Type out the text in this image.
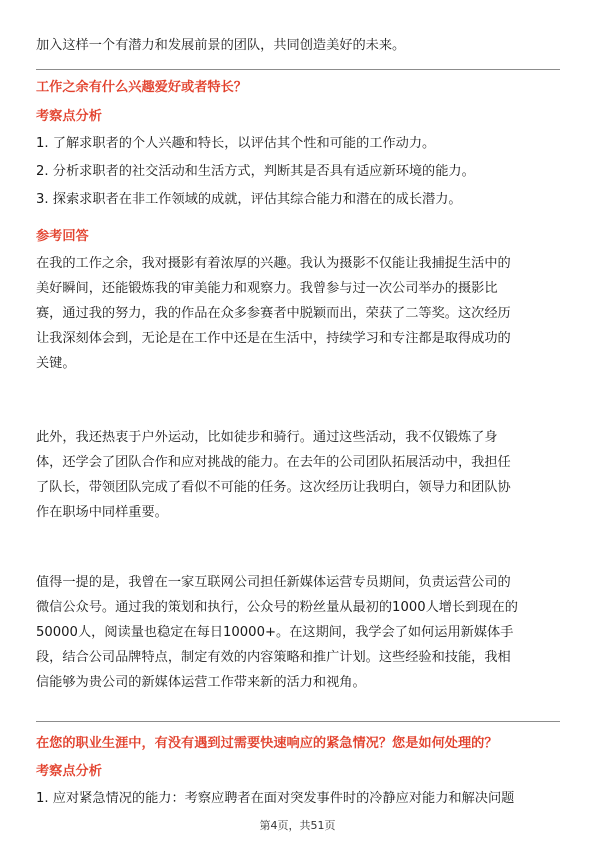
加入这样一个有潜力和发展前景的团队，共同创造美好的未来。

工作之余有什么兴趣爱好或者特长？

考察点分析

1. 了解求职者的个人兴趣和特长，以评估其个性和可能的工作动力。

2. 分析求职者的社交活动和生活方式，判断其是否具有适应新环境的能力。

3. 探索求职者在非工作领域的成就，评估其综合能力和潜在的成长潜力。

参考回答

在我的工作之余，我对摄影有着浓厚的兴趣。我认为摄影不仅能让我捕捉生活中的
美好瞬间，还能锻炼我的审美能力和观察力。我曾参与过一次公司举办的摄影比
赛，通过我的努力，我的作品在众多参赛者中脱颖而出，荣获了二等奖。这次经历
让我深刻体会到，无论是在工作中还是在生活中，持续学习和专注都是取得成功的
关键。

此外，我还热衷于户外运动，比如徒步和骑行。通过这些活动，我不仅锻炼了身
体，还学会了团队合作和应对挑战的能力。在去年的公司团队拓展活动中，我担任
了队长，带领团队完成了看似不可能的任务。这次经历让我明白，领导力和团队协
作在职场中同样重要。

值得一提的是，我曾在一家互联网公司担任新媒体运营专员期间，负责运营公司的
微信公众号。通过我的策划和执行，公众号的粉丝量从最初的1000人增长到现在的
50000人，阅读量也稳定在每日10000+。在这期间，我学会了如何运用新媒体手
段，结合公司品牌特点，制定有效的内容策略和推广计划。这些经验和技能，我相
信能够为贵公司的新媒体运营工作带来新的活力和视角。

在您的职业生涯中，有没有遇到过需要快速响应的紧急情况？您是如何处理的？

考察点分析

1. 应对紧急情况的能力：考察应聘者在面对突发事件时的冷静应对能力和解决问题

第4页，共51页
